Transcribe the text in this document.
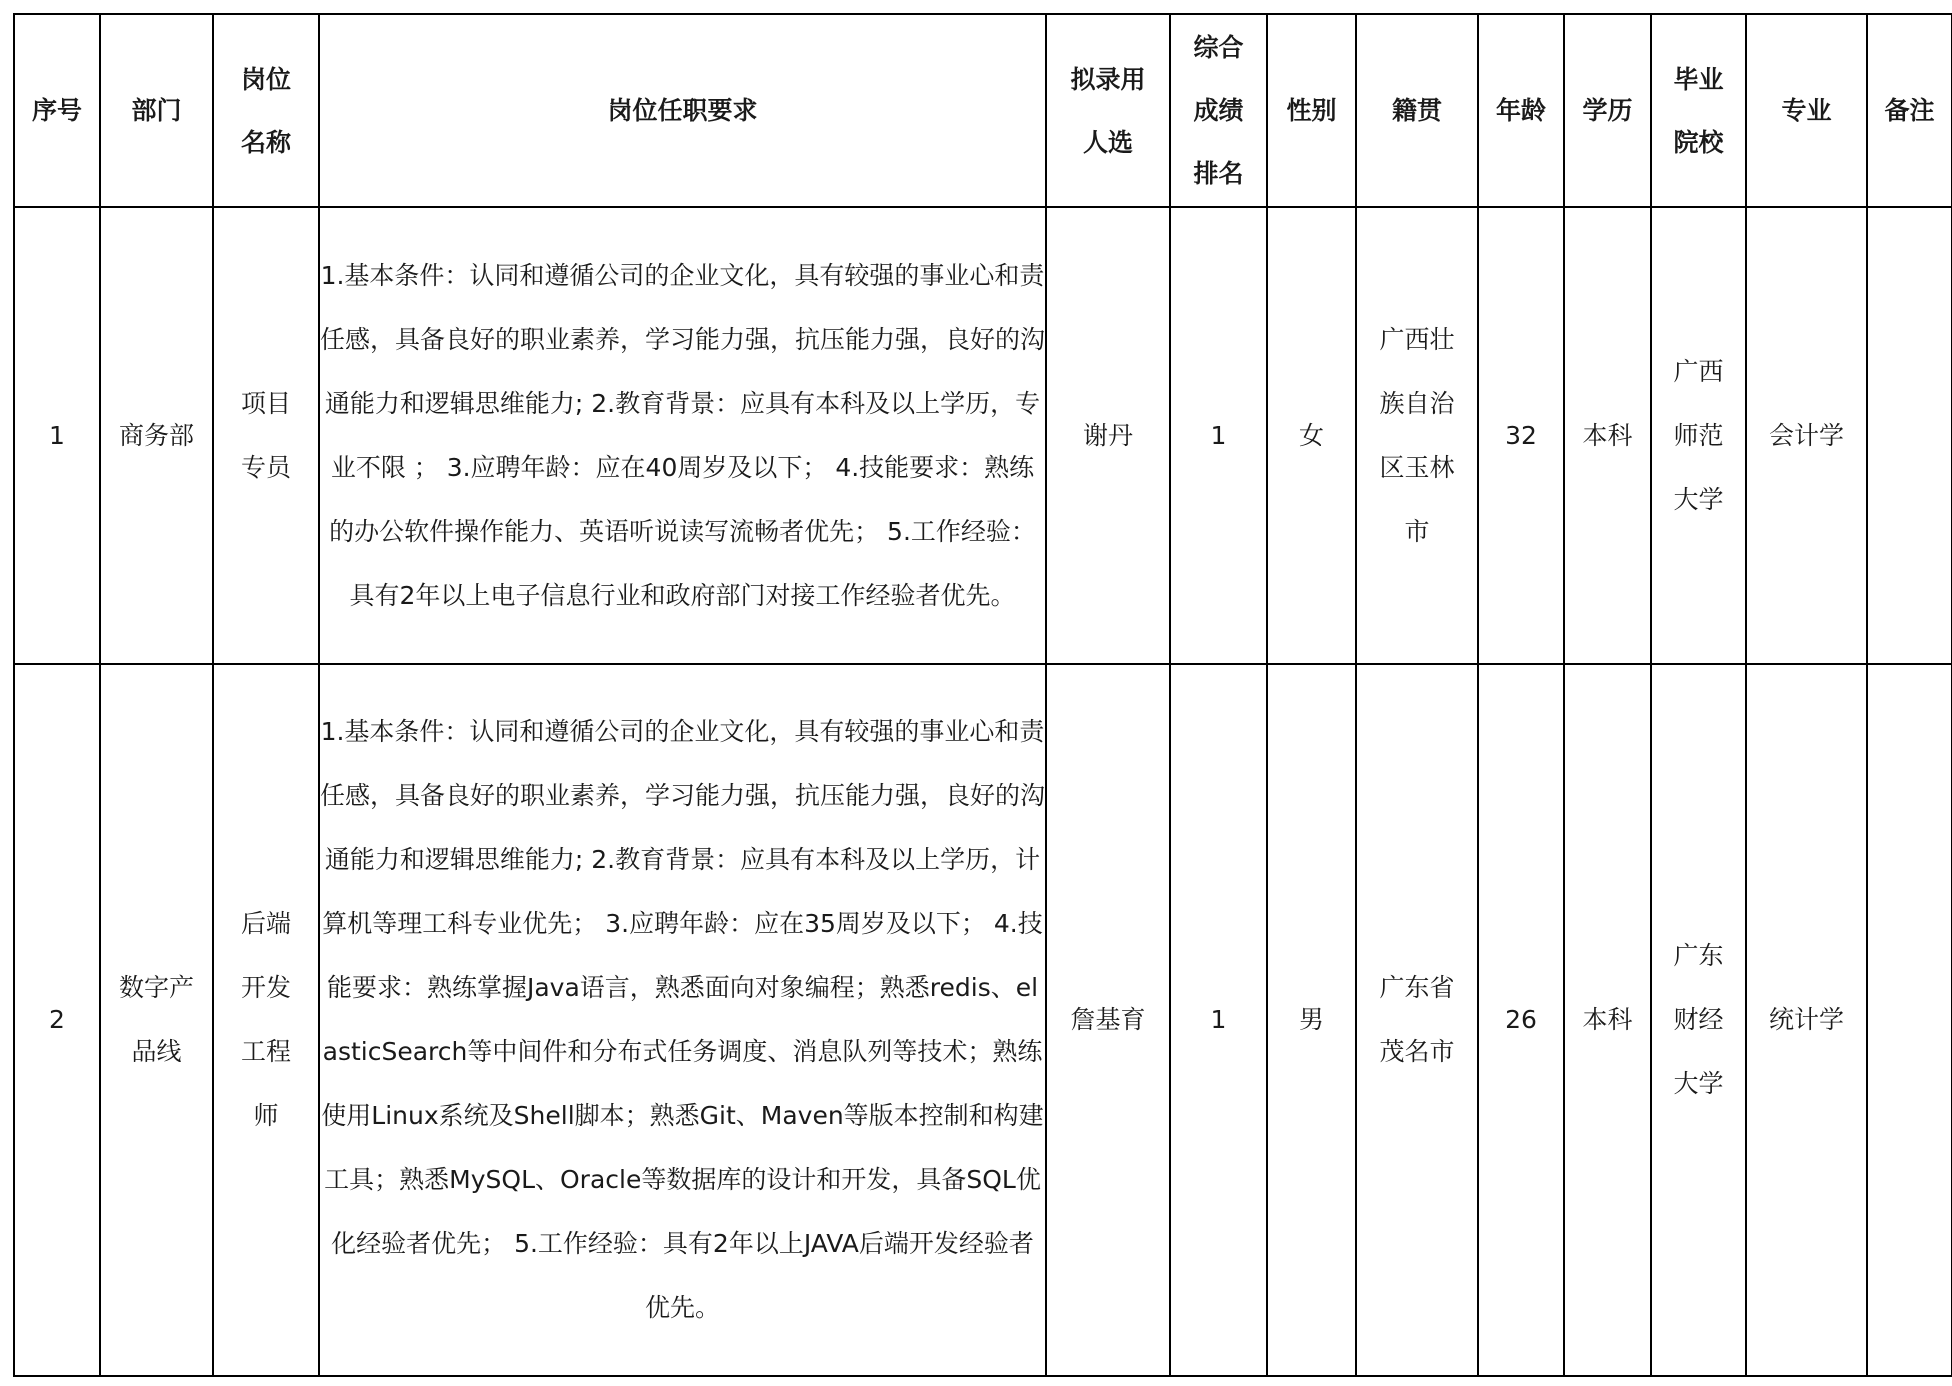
序号	部门	岗位名称	岗位任职要求	拟录用人选	综合成绩排名	性别	籍贯	年龄	学历	毕业院校	专业	备注
1	商务部	项目专员	1.基本条件：认同和遵循公司的企业文化，具有较强的事业心和责任感，具备良好的职业素养，学习能力强，抗压能力强，良好的沟通能力和逻辑思维能力; 2.教育背景：应具有本科及以上学历，专业不限 ； 3.应聘年龄：应在40周岁及以下； 4.技能要求：熟练的办公软件操作能力、英语听说读写流畅者优先； 5.工作经验：具有2年以上电子信息行业和政府部门对接工作经验者优先。	谢丹	1	女	广西壮族自治区玉林市	32	本科	广西师范大学	会计学	
2	数字产品线	后端开发工程师	1.基本条件：认同和遵循公司的企业文化，具有较强的事业心和责任感，具备良好的职业素养，学习能力强，抗压能力强，良好的沟通能力和逻辑思维能力; 2.教育背景：应具有本科及以上学历，计算机等理工科专业优先； 3.应聘年龄：应在35周岁及以下； 4.技能要求：熟练掌握Java语言，熟悉面向对象编程；熟悉redis、elasticSearch等中间件和分布式任务调度、消息队列等技术；熟练使用Linux系统及Shell脚本；熟悉Git、Maven等版本控制和构建工具；熟悉MySQL、Oracle等数据库的设计和开发，具备SQL优化经验者优先； 5.工作经验：具有2年以上JAVA后端开发经验者优先。	詹基育	1	男	广东省茂名市	26	本科	广东财经大学	统计学	
